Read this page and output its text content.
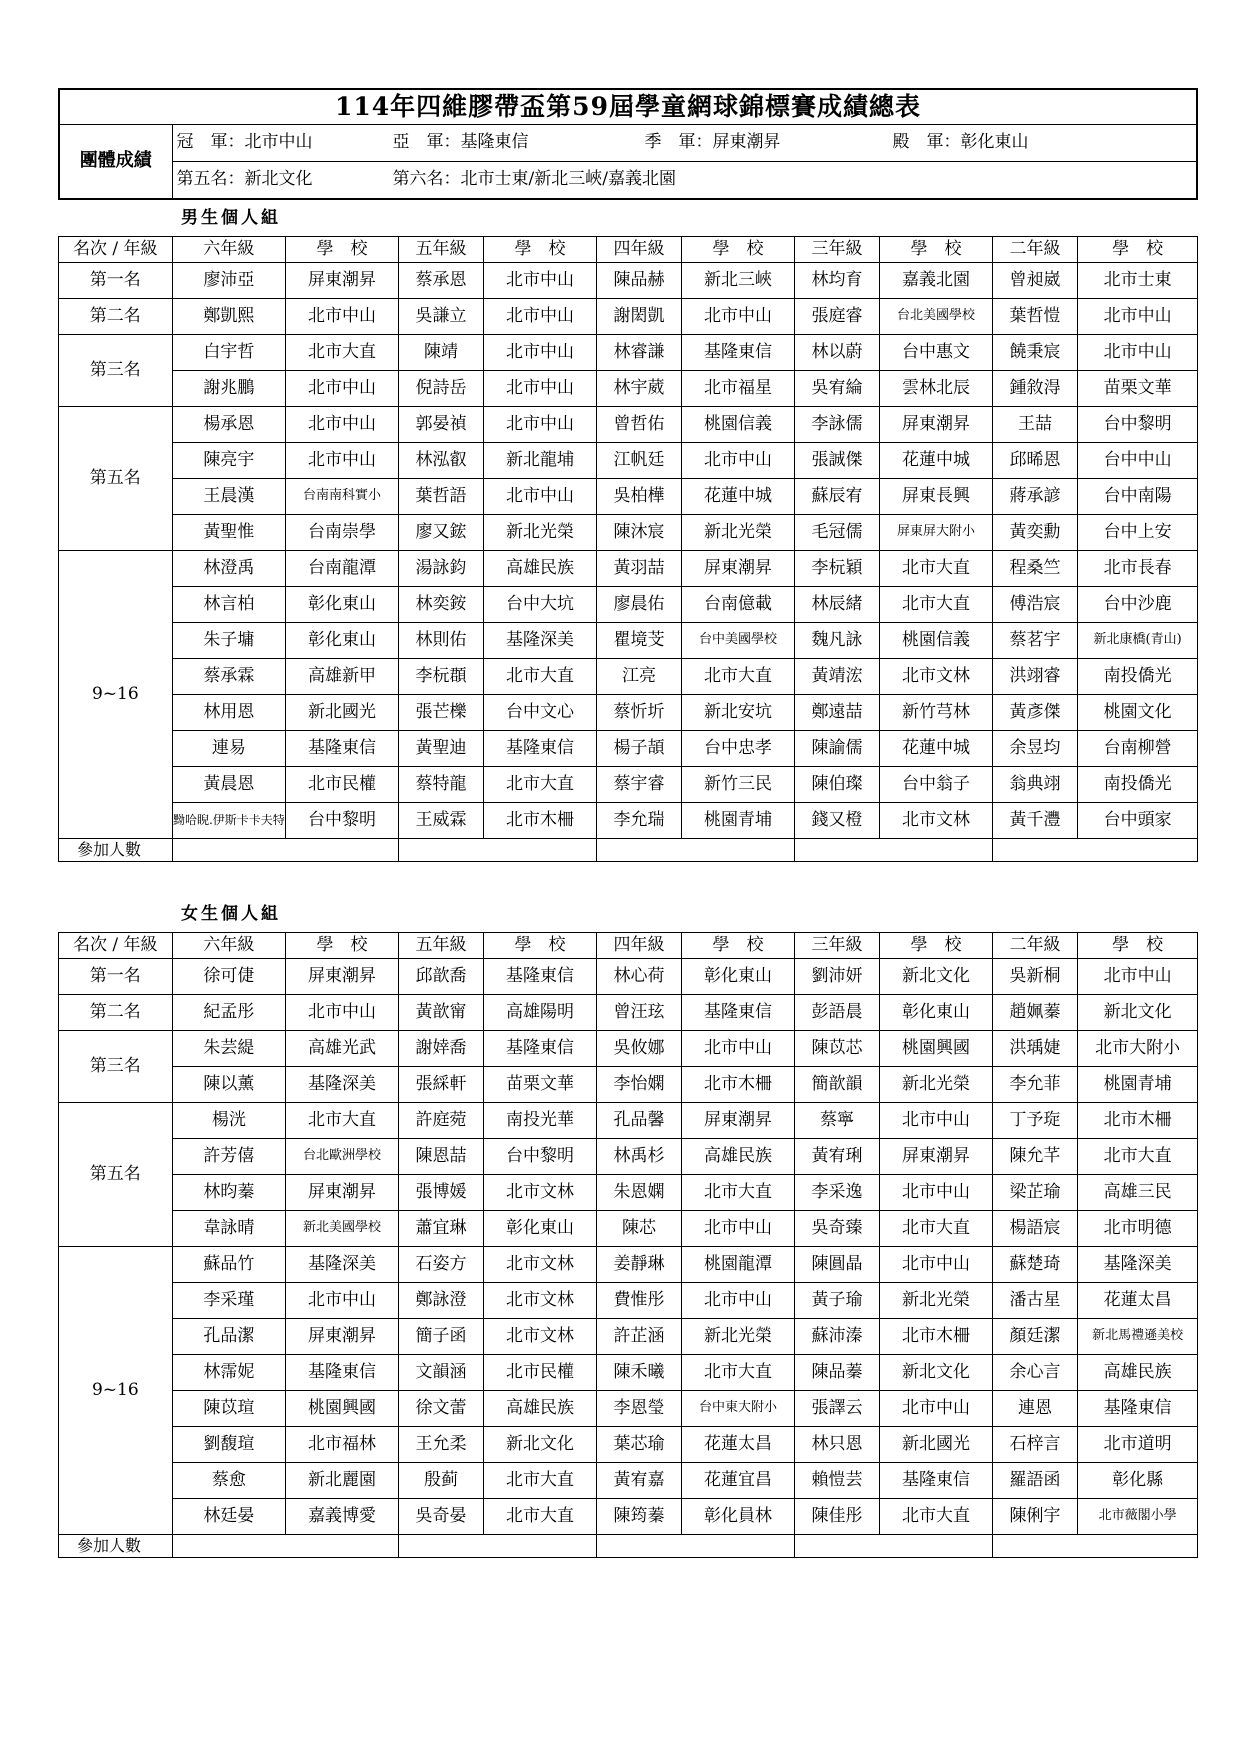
114年四維膠帶盃第59屆學童網球錦標賽成績總表
團體成績	
冠　軍：北市中山	亞　軍：基隆東信	季　軍：屏東潮昇	殿　軍：彰化東山

第五名：新北文化	第六名：北市士東/新北三峽/嘉義北園
男生個人組
名次 / 年級	六年級	學　校	五年級	學　校	四年級	學　校	三年級	學　校	二年級	學　校
第一名	廖沛亞	屏東潮昇	蔡承恩	北市中山	陳品赫	新北三峽	林均育	嘉義北園	曾昶崴	北市士東
第二名	鄭凱熙	北市中山	吳謙立	北市中山	謝閎凱	北市中山	張庭睿	台北美國學校	葉哲愷	北市中山
第三名	白宇哲	北市大直	陳靖	北市中山	林睿謙	基隆東信	林以蔚	台中惠文	饒秉宸	北市中山
	謝兆鵬	北市中山	倪詩岳	北市中山	林宇葳	北市福星	吳宥綸	雲林北辰	鍾敘淂	苗栗文華
第五名	楊承恩	北市中山	郭晏禎	北市中山	曾哲佑	桃園信義	李詠儒	屏東潮昇	王喆	台中黎明
	陳亮宇	北市中山	林泓叡	新北龍埔	江帆廷	北市中山	張誠傑	花蓮中城	邱晞恩	台中中山
	王晨漢	台南南科實小	葉哲語	北市中山	吳柏樺	花蓮中城	蘇辰宥	屏東長興	蔣承諺	台中南陽
	黃聖惟	台南崇學	廖又鋐	新北光榮	陳沐宸	新北光榮	毛冠儒	屏東屏大附小	黃奕勳	台中上安
9~16	林澄禹	台南龍潭	湯詠鈞	高雄民族	黃羽喆	屏東潮昇	李杬穎	北市大直	程桑竺	北市長春
	林言柏	彰化東山	林奕銨	台中大坑	廖晨佑	台南億載	林辰緒	北市大直	傅浩宸	台中沙鹿
	朱子墉	彰化東山	林則佑	基隆深美	瞿境芠	台中美國學校	魏凡詠	桃園信義	蔡茗宇	新北康橋(青山)
	蔡承霖	高雄新甲	李杬頵	北市大直	江亮	北市大直	黃靖浤	北市文林	洪翊睿	南投僑光
	林用恩	新北國光	張芒櫟	台中文心	蔡忻圻	新北安坑	鄭遠喆	新竹芎林	黃彥傑	桃園文化
	連易	基隆東信	黃聖迪	基隆東信	楊子頡	台中忠孝	陳諭儒	花蓮中城	余昱均	台南柳營
	黃晨恩	北市民權	蔡特龍	北市大直	蔡宇睿	新竹三民	陳伯璨	台中翁子	翁典翊	南投僑光
	黝哈睨.伊斯卡卡夫特	台中黎明	王威霖	北市木柵	李允瑞	桃園青埔	錢又橙	北市文林	黃千灃	台中頭家
參加人數										
女生個人組
名次 / 年級	六年級	學　校	五年級	學　校	四年級	學　校	三年級	學　校	二年級	學　校
第一名	徐可倢	屏東潮昇	邱歆喬	基隆東信	林心荷	彰化東山	劉沛妍	新北文化	吳新桐	北市中山
第二名	紀孟彤	北市中山	黃歆甯	高雄陽明	曾汪玹	基隆東信	彭語晨	彰化東山	趙姵蓁	新北文化
第三名	朱芸緹	高雄光武	謝婞喬	基隆東信	吳攸娜	北市中山	陳苡芯	桃園興國	洪瑀婕	北市大附小
	陳以薰	基隆深美	張綵軒	苗栗文華	李怡嫻	北市木柵	簡歆韻	新北光榮	李允菲	桃園青埔
第五名	楊洸	北市大直	許庭菀	南投光華	孔品馨	屏東潮昇	蔡寧	北市中山	丁予琁	北市木柵
	許芳僖	台北歐洲學校	陳恩喆	台中黎明	林禹杉	高雄民族	黃宥琍	屏東潮昇	陳允芊	北市大直
	林昀蓁	屏東潮昇	張博媛	北市文林	朱恩嫻	北市大直	李采逸	北市中山	梁芷瑜	高雄三民
	韋詠晴	新北美國學校	蕭宜琳	彰化東山	陳芯	北市中山	吳奇臻	北市大直	楊語宸	北市明德
9~16	蘇品竹	基隆深美	石姿方	北市文林	姜靜琳	桃園龍潭	陳圓晶	北市中山	蘇楚琦	基隆深美
	李采瑾	北市中山	鄭詠澄	北市文林	費惟彤	北市中山	黃子瑜	新北光榮	潘古星	花蓮太昌
	孔品潔	屏東潮昇	簡子函	北市文林	許芷涵	新北光榮	蘇沛溱	北市木柵	顏廷潔	新北馬禮遜美校
	林霈妮	基隆東信	文韻涵	北市民權	陳禾曦	北市大直	陳品蓁	新北文化	余心言	高雄民族
	陳苡瑄	桃園興國	徐文蕾	高雄民族	李恩瑩	台中東大附小	張譯云	北市中山	連恩	基隆東信
	劉馥瑄	北市福林	王允柔	新北文化	葉芯瑜	花蓮太昌	林只恩	新北國光	石梓言	北市道明
	蔡愈	新北麗園	殷蓟	北市大直	黃宥嘉	花蓮宜昌	賴愷芸	基隆東信	羅語函	彰化縣
	林廷晏	嘉義博愛	吳奇晏	北市大直	陳筠蓁	彰化員林	陳佳彤	北市大直	陳俐宇	北市薇閣小學
參加人數										
